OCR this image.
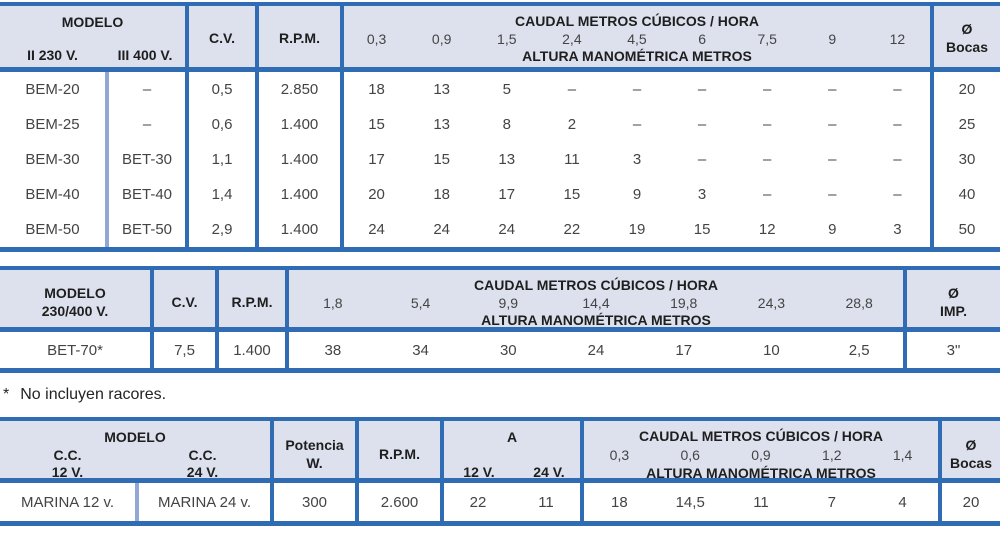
MODELO
II 230 V.	III 400 V.
C.V.	R.P.M.
CAUDAL METROS CÚBICOS / HORA
0,3	0,9	1,5	2,4	4,5	6	7,5	9	12
ALTURA MANOMÉTRICA METROS
Ø
Bocas
BEM-20	–	0,5	2.850	18	13	5	–	–	–	–	–	–	20
BEM-25	–	0,6	1.400	15	13	8	2	–	–	–	–	–	25
BEM-30	BET-30	1,1	1.400	17	15	13	11	3	–	–	–	–	30
BEM-40	BET-40	1,4	1.400	20	18	17	15	9	3	–	–	–	40
BEM-50	BET-50	2,9	1.400	24	24	24	22	19	15	12	9	3	50
MODELO
230/400 V.
C.V.	R.P.M.
CAUDAL METROS CÚBICOS / HORA
1,8	5,4	9,9	14,4	19,8	24,3	28,8
ALTURA MANOMÉTRICA METROS
Ø
IMP.
BET-70*	7,5	1.400	38	34	30	24	17	10	2,5	3"
* No incluyen racores.
MODELO
C.C.
12 V.
C.C.
24 V.
Potencia
W.
R.P.M.
A
12 V.	24 V.
CAUDAL METROS CÚBICOS / HORA
0,3	0,6	0,9	1,2	1,4
ALTURA MANOMÉTRICA METROS
Ø
Bocas
MARINA 12 v.	MARINA 24 v.	300	2.600	22	11	18	14,5	11	7	4	20
